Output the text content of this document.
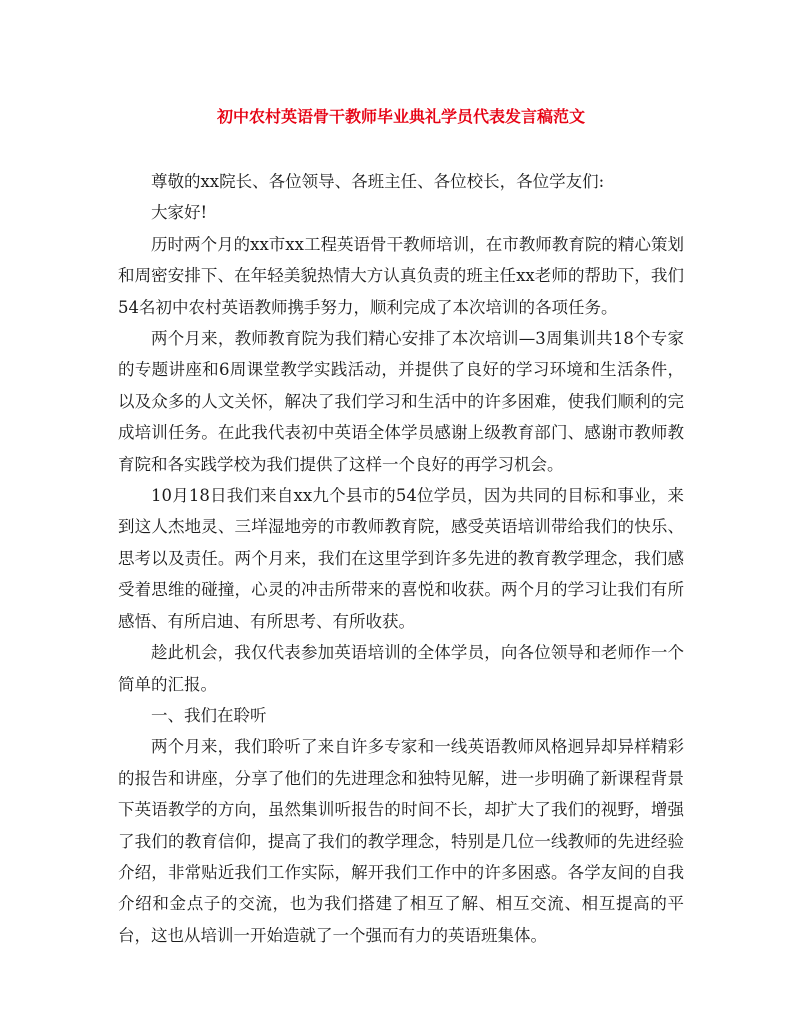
初中农村英语骨干教师毕业典礼学员代表发言稿范文

尊敬的xx院长、各位领导、各班主任、各位校长，各位学友们:

大家好!

历时两个月的xx市xx工程英语骨干教师培训，在市教师教育院的精心策划和周密安排下、在年轻美貌热情大方认真负责的班主任xx老师的帮助下，我们54名初中农村英语教师携手努力，顺利完成了本次培训的各项任务。

两个月来，教师教育院为我们精心安排了本次培训—3周集训共18个专家的专题讲座和6周课堂教学实践活动，并提供了良好的学习环境和生活条件，以及众多的人文关怀，解决了我们学习和生活中的许多困难，使我们顺利的完成培训任务。在此我代表初中英语全体学员感谢上级教育部门、感谢市教师教育院和各实践学校为我们提供了这样一个良好的再学习机会。

10月18日我们来自xx九个县市的54位学员，因为共同的目标和事业，来到这人杰地灵、三垟湿地旁的市教师教育院，感受英语培训带给我们的快乐、思考以及责任。两个月来，我们在这里学到许多先进的教育教学理念，我们感受着思维的碰撞，心灵的冲击所带来的喜悦和收获。两个月的学习让我们有所感悟、有所启迪、有所思考、有所收获。

趁此机会，我仅代表参加英语培训的全体学员，向各位领导和老师作一个简单的汇报。

一、我们在聆听

两个月来，我们聆听了来自许多专家和一线英语教师风格迥异却异样精彩的报告和讲座，分享了他们的先进理念和独特见解，进一步明确了新课程背景下英语教学的方向，虽然集训听报告的时间不长，却扩大了我们的视野，增强了我们的教育信仰，提高了我们的教学理念，特别是几位一线教师的先进经验介绍，非常贴近我们工作实际，解开我们工作中的许多困惑。各学友间的自我介绍和金点子的交流，也为我们搭建了相互了解、相互交流、相互提高的平台，这也从培训一开始造就了一个强而有力的英语班集体。
